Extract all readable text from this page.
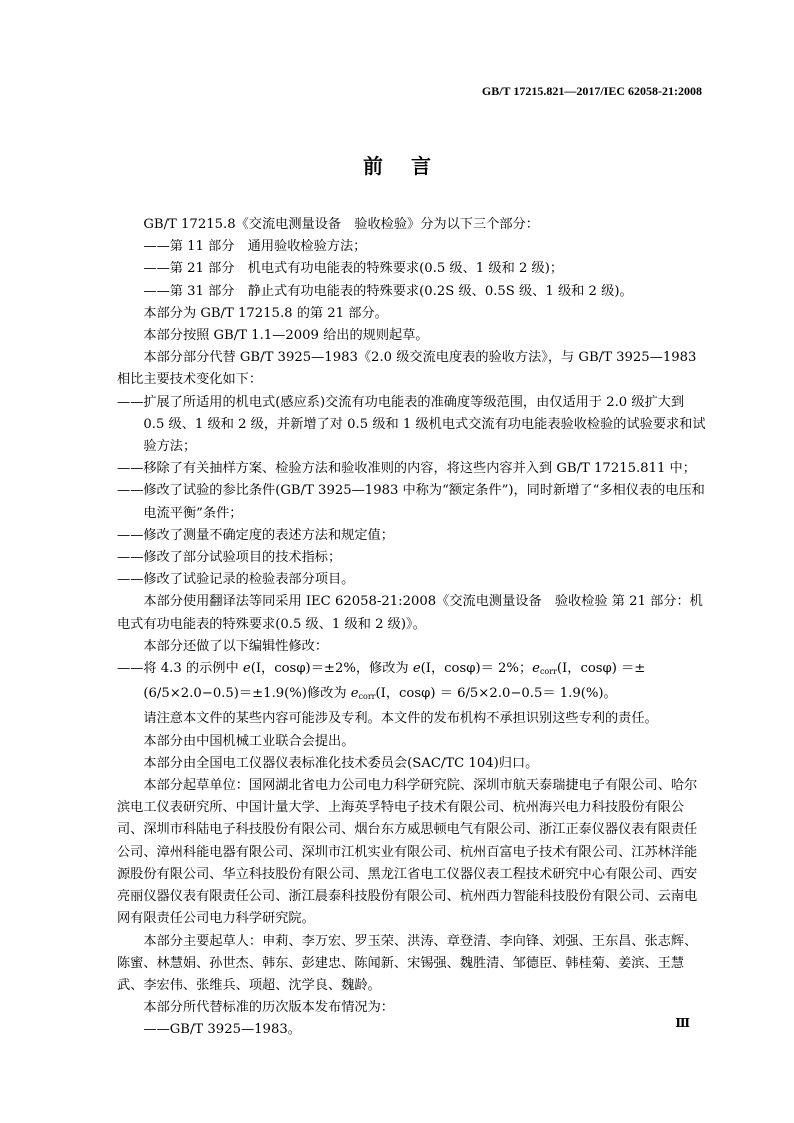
GB/T 17215.821—2017/IEC 62058-21:2008
前言

GB/T 17215.8《交流电测量设备　验收检验》分为以下三个部分：

——第 11 部分　通用验收检验方法；

——第 21 部分　机电式有功电能表的特殊要求(0.5 级、1 级和 2 级)；

——第 31 部分　静止式有功电能表的特殊要求(0.2S 级、0.5S 级、1 级和 2 级)。

本部分为 GB/T 17215.8 的第 21 部分。

本部分按照 GB/T 1.1—2009 给出的规则起草。

本部分部分代替 GB/T 3925—1983《2.0 级交流电度表的验收方法》，与 GB/T 3925—1983 相比主要技术变化如下：

——扩展了所适用的机电式(感应系)交流有功电能表的准确度等级范围，由仅适用于 2.0 级扩大到 0.5 级、1 级和 2 级，并新增了对 0.5 级和 1 级机电式交流有功电能表验收检验的试验要求和试验方法；

——移除了有关抽样方案、检验方法和验收准则的内容，将这些内容并入到 GB/T 17215.811 中；

——修改了试验的参比条件(GB/T 3925—1983 中称为“额定条件”)，同时新增了“多相仪表的电压和电流平衡”条件；

——修改了测量不确定度的表述方法和规定值；

——修改了部分试验项目的技术指标；

——修改了试验记录的检验表部分项目。

本部分使用翻译法等同采用 IEC 62058-21:2008《交流电测量设备　验收检验 第 21 部分：机电式有功电能表的特殊要求(0.5 级、1 级和 2 级)》。

本部分还做了以下编辑性修改：

——将 4.3 的示例中 e(I，cosφ)＝±2%，修改为 e(I，cosφ)＝ 2%；$e_{corr}(I$，cosφ) ＝±(6/5×2.0−0.5)＝±1.9(%)修改为 $e_{corr}(I$，cosφ) ＝ 6/5×2.0−0.5＝ 1.9(%)。

请注意本文件的某些内容可能涉及专利。本文件的发布机构不承担识别这些专利的责任。

本部分由中国机械工业联合会提出。

本部分由全国电工仪器仪表标准化技术委员会(SAC/TC 104)归口。

本部分起草单位：国网湖北省电力公司电力科学研究院、深圳市航天泰瑞捷电子有限公司、哈尔滨电工仪表研究所、中国计量大学、上海英孚特电子技术有限公司、杭州海兴电力科技股份有限公司、深圳市科陆电子科技股份有限公司、烟台东方威思顿电气有限公司、浙江正泰仪器仪表有限责任公司、漳州科能电器有限公司、深圳市江机实业有限公司、杭州百富电子技术有限公司、江苏林洋能源股份有限公司、华立科技股份有限公司、黑龙江省电工仪器仪表工程技术研究中心有限公司、西安亮丽仪器仪表有限责任公司、浙江晨泰科技股份有限公司、杭州西力智能科技股份有限公司、云南电网有限责任公司电力科学研究院。

本部分主要起草人：申莉、李万宏、罗玉荣、洪涛、章登清、李向锋、刘强、王东昌、张志辉、陈蜜、林慧娟、孙世杰、韩东、彭建忠、陈闻新、宋锡强、魏胜清、邹德臣、韩桂菊、姜滨、王慧武、李宏伟、张维兵、项超、沈学良、魏龄。

本部分所代替标准的历次版本发布情况为：

——GB/T 3925—1983。	Ⅲ
